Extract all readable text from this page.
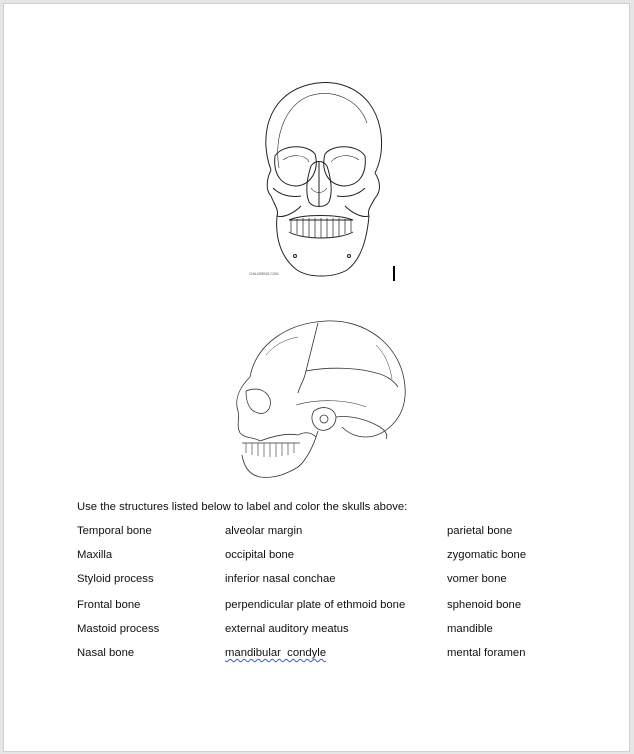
CHILDRENS.COM
Use the structures listed below to label and color the skulls above:
Temporal bone	alveolar margin	parietal bone
Maxilla	occipital bone	zygomatic bone
Styloid process	inferior nasal conchae	vomer bone
Frontal bone	perpendicular plate of ethmoid bone	sphenoid bone
Mastoid process	external auditory meatus	mandible
Nasal bone	mandibular  condyle	mental foramen
